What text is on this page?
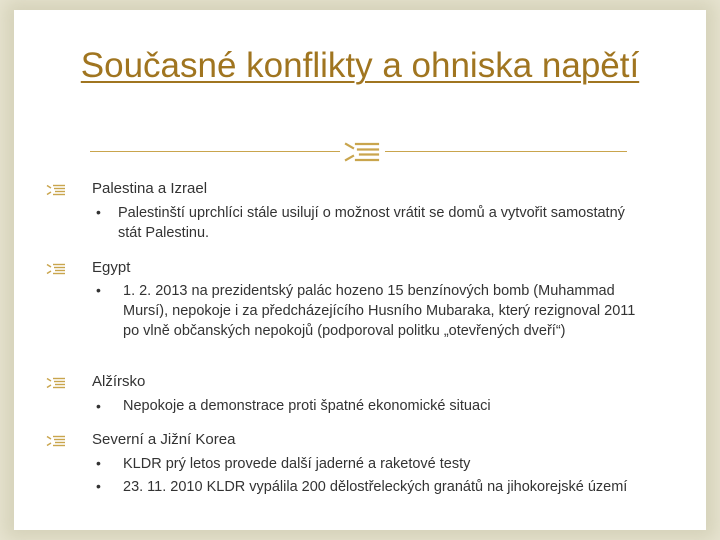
Současné konflikty a ohniska napětí
Palestina a Izrael
• Palestinští uprchlíci stále usilují o možnost vrátit se domů a vytvořit samostatný stát Palestinu.
Egypt
• 1. 2. 2013 na prezidentský palác hozeno 15 benzínových bomb (Muhammad Mursí), nepokoje i za předcházejícího Husního Mubaraka, který rezignoval 2011 po vlně občanských nepokojů (podporoval politku „otevřených dveří“)
Alžírsko
• Nepokoje a demonstrace proti špatné ekonomické situaci
Severní a Jižní Korea
• KLDR prý letos provede další jaderné a raketové testy
• 23. 11. 2010 KLDR vypálila 200 dělostřeleckých granátů na jihokorejské území
